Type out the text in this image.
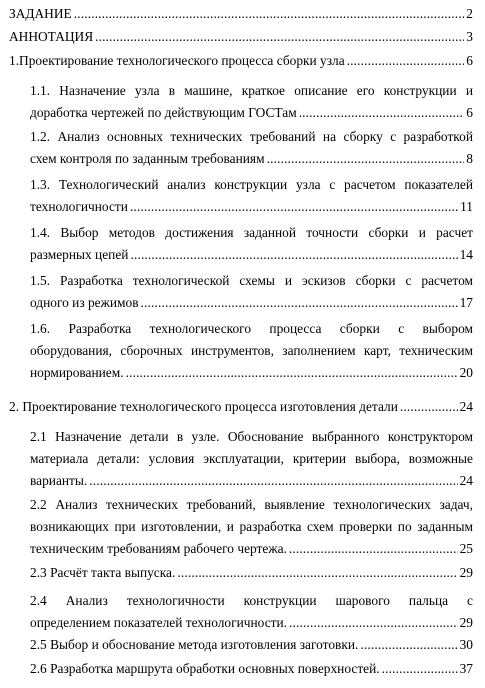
ЗАДАНИЕ . . .	2
АННОТАЦИЯ . . .	3
1. Проектирование технологического процесса сборки узла . . .	6
1.1. Назначение узла в машине, краткое описание его конструкции и
доработка чертежей по действующим ГОСТам . . .	6
1.2. Анализ основных технических требований на сборку с разработкой
схем контроля по заданным требованиям . . .	8
1.3. Технологический анализ конструкции узла с расчетом показателей
технологичности . . .	11
1.4. Выбор методов достижения заданной точности сборки и расчет
размерных цепей . . .	14
1.5. Разработка технологической схемы и эскизов сборки с расчетом
одного из режимов . . .	17
1.6. Разработка технологического процесса сборки с выбором
оборудования, сборочных инструментов, заполнением карт, техническим
нормированием. . . .	20
2. Проектирование технологического процесса изготовления детали . . .	24
2.1 Назначение детали в узле. Обоснование выбранного конструктором
материала детали: условия эксплуатации, критерии выбора, возможные
варианты. . . .	24
2.2 Анализ технических требований, выявление технологических задач,
возникающих при изготовлении, и разработка схем проверки по заданным
техническим требованиям рабочего чертежа. . . .	25
2.3 Расчёт такта выпуска. . . .	29
2.4 Анализ технологичности конструкции шарового пальца с
определением показателей технологичности. . . .	29
2.5 Выбор и обоснование метода изготовления заготовки. . . .	30
2.6 Разработка маршрута обработки основных поверхностей. . . .	37
